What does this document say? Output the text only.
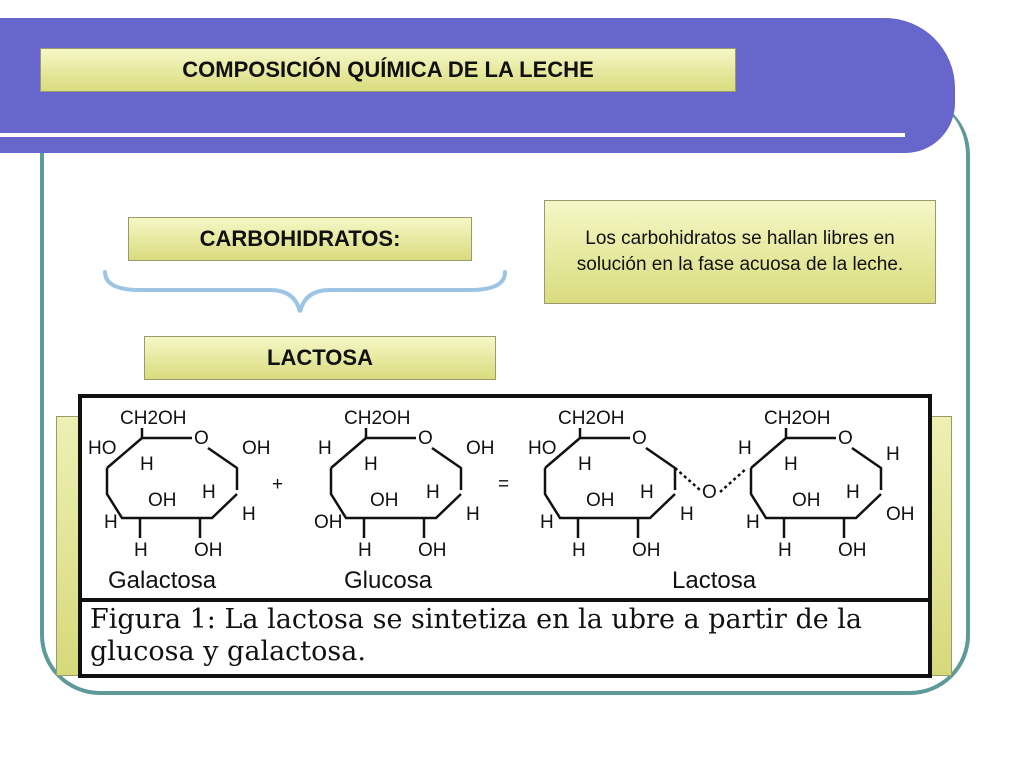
COMPOSICIÓN QUÍMICA DE LA LECHE
CARBOHIDRATOS:
LACTOSA
Los carbohidratos se hallan libres en solución en la fase acuosa de la leche.
CH2OH
O
HO
H
OH
OH H
H
H
H OH
Galactosa
+
CH2OH
O
H	OH
H
OH H
OH	H
H OH
Glucosa
=
CH2OH
O
HO
H
OH H
H	H
H OH
O
CH2OH
O
H
H	H
OH H
OH
H
H OH
Lactosa
Figura 1: La lactosa se sintetiza en la ubre a partir de la
glucosa y galactosa.
